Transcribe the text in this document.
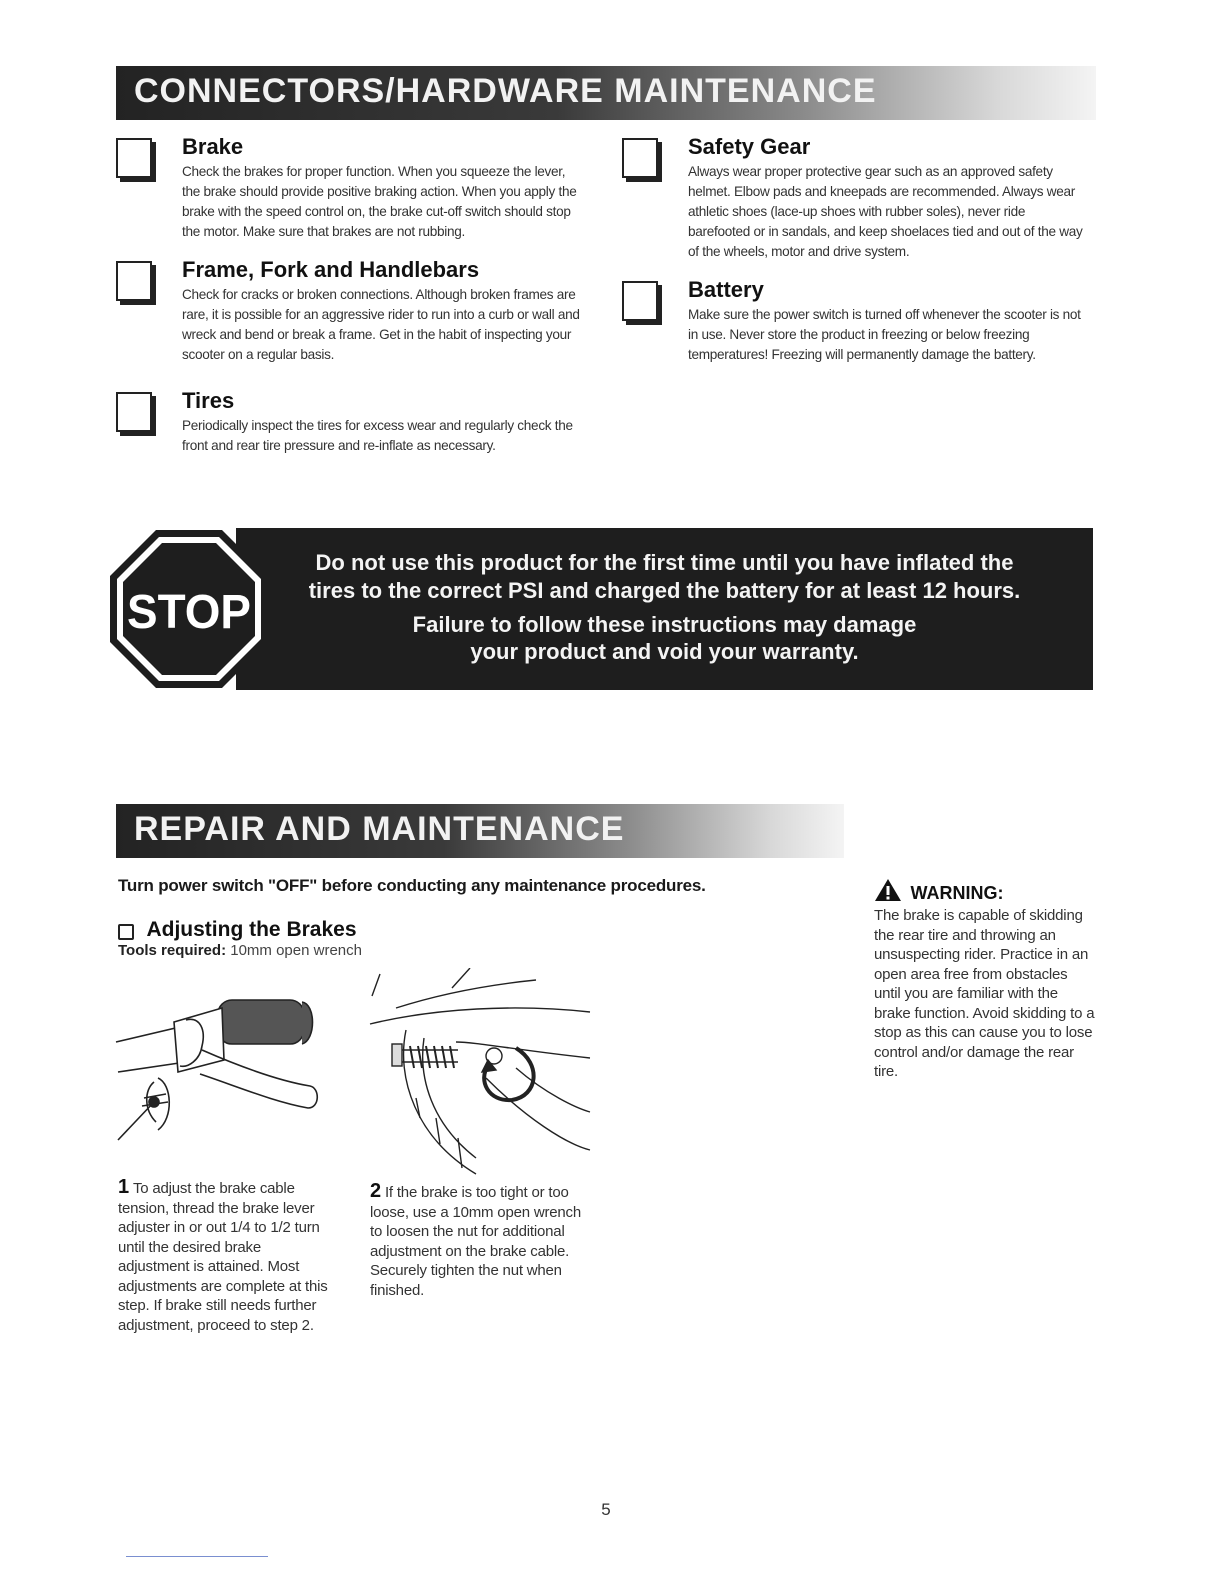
CONNECTORS/HARDWARE MAINTENANCE
Brake
Check the brakes for proper function. When you squeeze the lever, the brake should provide positive braking action. When you apply the brake with the speed control on, the brake cut-off switch should stop the motor. Make sure that brakes are not rubbing.
Frame, Fork and Handlebars
Check for cracks or broken connections. Although broken frames are rare, it is possible for an aggressive rider to run into a curb or wall and wreck and bend or break a frame. Get in the habit of inspecting your scooter on a regular basis.
Tires
Periodically inspect the tires for excess wear and regularly check the front and rear tire pressure and re-inflate as necessary.
Safety Gear
Always wear proper protective gear such as an approved safety helmet. Elbow pads and kneepads are recommended. Always wear athletic shoes (lace-up shoes with rubber soles), never ride barefooted or in sandals, and keep shoelaces tied and out of the way of the wheels, motor and drive system.
Battery
Make sure the power switch is turned off whenever the scooter is not in use. Never store the product in freezing or below freezing temperatures! Freezing will permanently damage the battery.
Do not use this product for the first time until you have inflated the
tires to the correct PSI and charged the battery for at least 12 hours.
Failure to follow these instructions may damage
your product and void your warranty.
STOP
REPAIR AND MAINTENANCE
Turn power switch "OFF" before conducting any maintenance procedures.
Adjusting the Brakes
Tools required: 10mm open wrench
1 To adjust the brake cable tension, thread the brake lever adjuster in or out 1/4 to 1/2 turn until the desired brake adjustment is attained. Most adjustments are complete at this step. If brake still needs further adjustment, proceed to step 2.
2 If the brake is too tight or too loose, use a 10mm open wrench to loosen the nut for additional adjustment on the brake cable. Securely tighten the nut when finished.
WARNING:
The brake is capable of skidding the rear tire and throwing an unsuspecting rider. Practice in an open area free from obstacles until you are familiar with the brake function. Avoid skidding to a stop as this can cause you to lose control and/or damage the rear tire.
5
